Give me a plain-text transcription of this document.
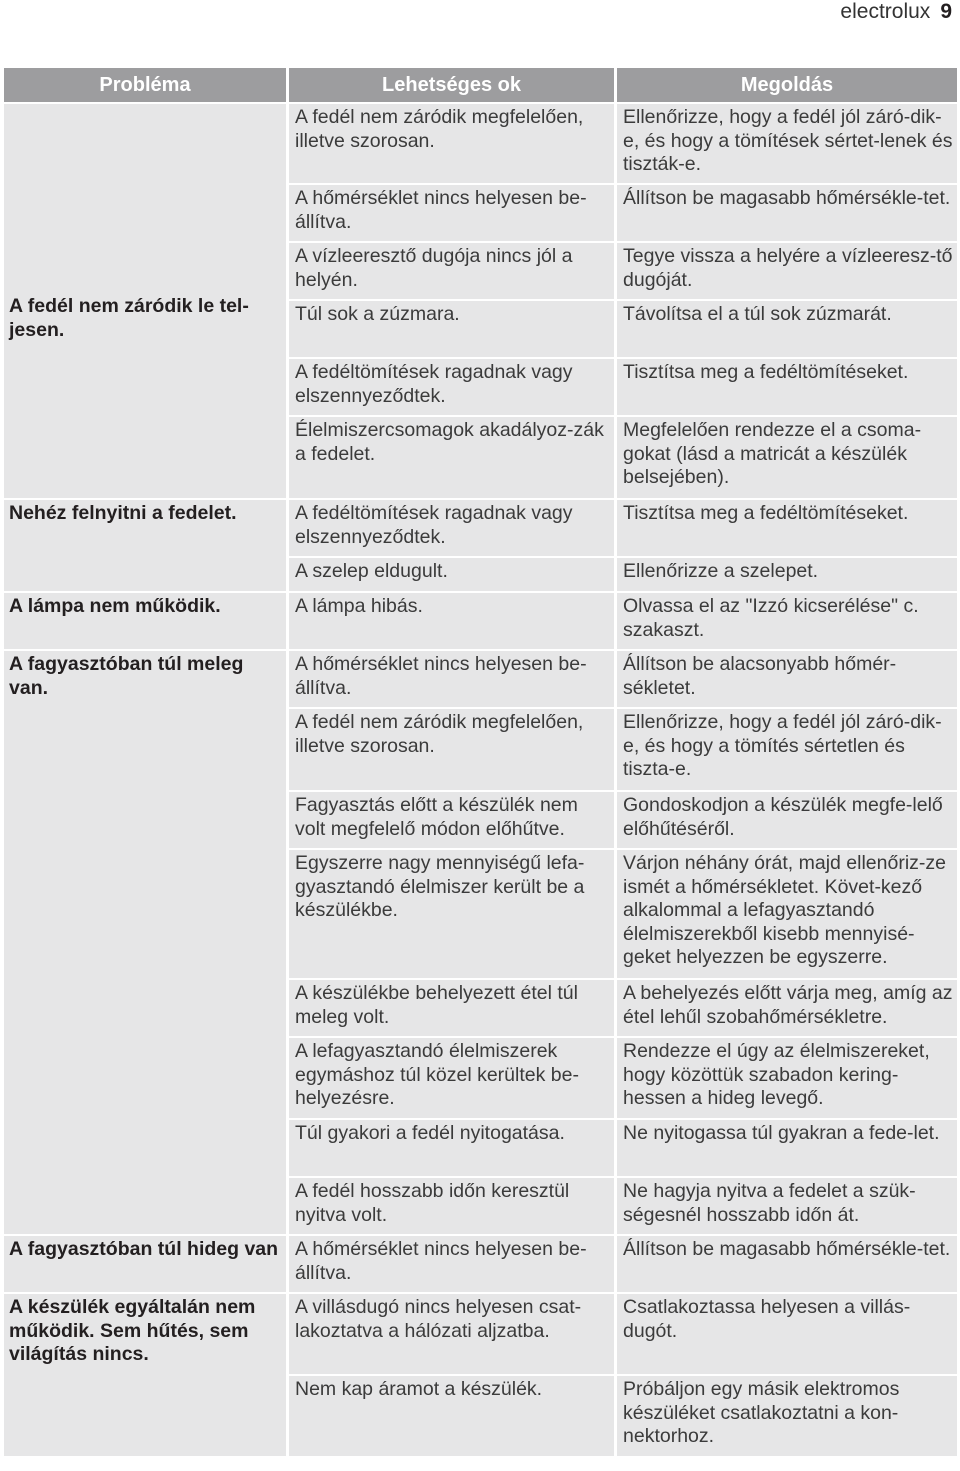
electrolux 9
Probléma	Lehetséges ok	Megoldás

A fedél nem záródik le tel-jesen.	A fedél nem záródik megfelelően, illetve szorosan.	Ellenőrizze, hogy a fedél jól záró-dik-e, és hogy a tömítések sértet-lenek és tiszták-e.
	A hőmérséklet nincs helyesen be-állítva.	Állítson be magasabb hőmérsékle-tet.
	A vízleeresztő dugója nincs jól a helyén.	Tegye vissza a helyére a vízleeresz-tő dugóját.
	Túl sok a zúzmara.	Távolítsa el a túl sok zúzmarát.
	A fedéltömítések ragadnak vagy elszennyeződtek.	Tisztítsa meg a fedéltömítéseket.
	Élelmiszercsomagok akadályoz-zák a fedelet.	Megfelelően rendezze el a csoma-gokat (lásd a matricát a készülék belsejében).
Nehéz felnyitni a fedelet.	A fedéltömítések ragadnak vagy elszennyeződtek.	Tisztítsa meg a fedéltömítéseket.
	A szelep eldugult.	Ellenőrizze a szelepet.
A lámpa nem működik.	A lámpa hibás.	Olvassa el az "Izzó kicserélése" c. szakaszt.
A fagyasztóban túl meleg van.	A hőmérséklet nincs helyesen be-állítva.	Állítson be alacsonyabb hőmér-sékletet.
	A fedél nem záródik megfelelően, illetve szorosan.	Ellenőrizze, hogy a fedél jól záró-dik-e, és hogy a tömítés sértetlen és tiszta-e.
	Fagyasztás előtt a készülék nem volt megfelelő módon előhűtve.	Gondoskodjon a készülék megfe-lelő előhűtéséről.
	Egyszerre nagy mennyiségű lefa-gyasztandó élelmiszer került be a készülékbe.	Várjon néhány órát, majd ellenőriz-ze ismét a hőmérsékletet. Követ-kező alkalommal a lefagyasztandó élelmiszerekből kisebb mennyisé-geket helyezzen be egyszerre.
	A készülékbe behelyezett étel túl meleg volt.	A behelyezés előtt várja meg, amíg az étel lehűl szobahőmérsékletre.
	A lefagyasztandó élelmiszerek egymáshoz túl közel kerültek be-helyezésre.	Rendezze el úgy az élelmiszereket, hogy közöttük szabadon kering-hessen a hideg levegő.
	Túl gyakori a fedél nyitogatása.	Ne nyitogassa túl gyakran a fede-let.
	A fedél hosszabb időn keresztül nyitva volt.	Ne hagyja nyitva a fedelet a szük-ségesnél hosszabb időn át.
A fagyasztóban túl hideg van	A hőmérséklet nincs helyesen be-állítva.	Állítson be magasabb hőmérsékle-tet.
A készülék egyáltalán nem működik. Sem hűtés, sem világítás nincs.	A villásdugó nincs helyesen csat-lakoztatva a hálózati aljzatba.	Csatlakoztassa helyesen a villás-dugót.
	Nem kap áramot a készülék.	Próbáljon egy másik elektromos készüléket csatlakoztatni a kon-nektorhoz.
